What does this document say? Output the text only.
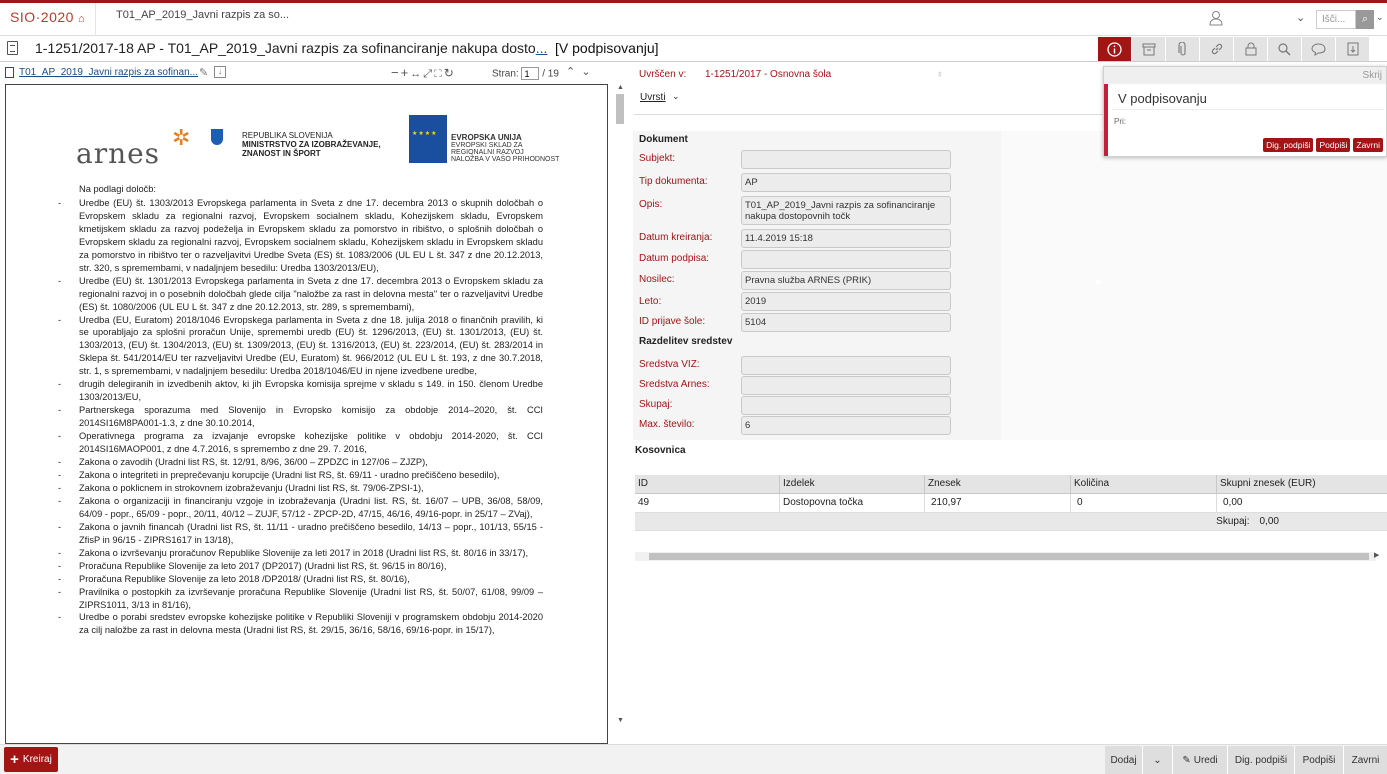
SIO·2020 ⌂	T01_AP_2019_Javni razpis za so...	⌄	Išči...	⌕ ⌄
1-1251/2017-18 AP - T01_AP_2019_Javni razpis za sofinanciranje nakupa dosto... [V podpisovanju]
T01_AP_2019_Javni razpis za sofinan... ✎	↓	−+↔⤢⛶↻	Stran: 1 / 19 ⌃ ⌄
arnes ✲	REPUBLIKA SLOVENIJA
MINISTRSTVO ZA IZOBRAŽEVANJE,
ZNANOST IN ŠPORT
★★★★
EVROPSKA UNIJA
EVROPSKI SKLAD ZA
REGIONALNI RAZVOJ
NALOŽBA V VAŠO PRIHODNOST
Na podlagi določb:
- Uredbe (EU) št. 1303/2013 Evropskega parlamenta in Sveta z dne 17. decembra 2013 o skupnih določbah o Evropskem skladu za regionalni razvoj, Evropskem socialnem skladu, Kohezijskem skladu, Evropskem kmetijskem skladu za razvoj podeželja in Evropskem skladu za pomorstvo in ribištvo, o splošnih določbah o Evropskem skladu za regionalni razvoj, Evropskem socialnem skladu, Kohezijskem skladu in Evropskem skladu za pomorstvo in ribištvo ter o razveljavitvi Uredbe Sveta (ES) št. 1083/2006 (UL EU L št. 347 z dne 20.12.2013, str. 320, s spremembami, v nadaljnjem besedilu: Uredba 1303/2013/EU),
- Uredbe (EU) št. 1301/2013 Evropskega parlamenta in Sveta z dne 17. decembra 2013 o Evropskem skladu za regionalni razvoj in o posebnih določbah glede cilja "naložbe za rast in delovna mesta" ter o razveljavitvi Uredbe (ES) št. 1080/2006 (UL EU L št. 347 z dne 20.12.2013, str. 289, s spremembami),
- Uredba (EU, Euratom) 2018/1046 Evropskega parlamenta in Sveta z dne 18. julija 2018 o finančnih pravilih, ki se uporabljajo za splošni proračun Unije, spremembi uredb (EU) št. 1296/2013, (EU) št. 1301/2013, (EU) št. 1303/2013, (EU) št. 1304/2013, (EU) št. 1309/2013, (EU) št. 1316/2013, (EU) št. 223/2014, (EU) št. 283/2014 in Sklepa št. 541/2014/EU ter razveljavitvi Uredbe (EU, Euratom) št. 966/2012 (UL EU L št. 193, z dne 30.7.2018, str. 1, s spremembami, v nadaljnjem besedilu: Uredba 2018/1046/EU in njene izvedbene uredbe,
- drugih delegiranih in izvedbenih aktov, ki jih Evropska komisija sprejme v skladu s 149. in 150. členom Uredbe 1303/2013/EU,
- Partnerskega sporazuma med Slovenijo in Evropsko komisijo za obdobje 2014–2020, št. CCI 2014SI16M8PA001-1.3, z dne 30.10.2014,
- Operativnega programa za izvajanje evropske kohezijske politike v obdobju 2014-2020, št. CCI 2014SI16MAOP001, z dne 4.7.2016, s spremembo z dne 29. 7. 2016,
- Zakona o zavodih (Uradni list RS, št. 12/91, 8/96, 36/00 – ZPDZC in 127/06 – ZJZP),
- Zakona o integriteti in preprečevanju korupcije (Uradni list RS, št. 69/11 - uradno prečiščeno besedilo),
- Zakona o poklicnem in strokovnem izobraževanju (Uradni list RS, št. 79/06-ZPSI-1),
- Zakona o organizaciji in financiranju vzgoje in izobraževanja (Uradni list. RS, št. 16/07 – UPB, 36/08, 58/09, 64/09 - popr., 65/09 - popr., 20/11, 40/12 – ZUJF, 57/12 - ZPCP-2D, 47/15, 46/16, 49/16-popr. in 25/17 – ZVaj),
- Zakona o javnih financah (Uradni list RS, št. 11/11 - uradno prečiščeno besedilo, 14/13 – popr., 101/13, 55/15 - ZfisP in 96/15 - ZIPRS1617 in 13/18),
- Zakona o izvrševanju proračunov Republike Slovenije za leti 2017 in 2018 (Uradni list RS, št. 80/16 in 33/17),
- Proračuna Republike Slovenije za leto 2017 (DP2017) (Uradni list RS, št. 96/15 in 80/16),
- Proračuna Republike Slovenije za leto 2018 /DP2018/ (Uradni list RS, št. 80/16),
- Pravilnika o postopkih za izvrševanje proračuna Republike Slovenije (Uradni list RS, št. 50/07, 61/08, 99/09 – ZIPRS1011, 3/13 in 81/16),
- Uredbe o porabi sredstev evropske kohezijske politike v Republiki Sloveniji v programskem obdobju 2014-2020 za cilj naložbe za rast in delovna mesta (Uradni list RS, št. 29/15, 36/16, 58/16, 69/16-popr. in 15/17),
▲
▼
Uvrščen v: 1-1251/2017 - Osnovna šola	♁
Uvrsti ⌄
Dokument
Subjekt:
Tip dokumenta:	AP
Opis:	T01_AP_2019_Javni razpis za sofinanciranje nakupa dostopovnih točk
Datum kreiranja:	11.4.2019 15:18
Datum podpisa:
Nosilec:	Pravna služba ARNES (PRIK)
Leto:	2019
ID prijave šole:	5104
Razdelitev sredstev
Sredstva VIZ:
Sredstva Arnes:
Skupaj:
Max. število:	6
Kosovnica
ID	Izdelek	Znesek	Količina	Skupni znesek (EUR)
49	Dostopovna točka	210,97	0	0,00
Skupaj: 0,00
▶
Skrij
V podpisovanju
Pri:
Dig. podpiši	Podpiši	Zavrni
+ Kreiraj	Dodaj	⌄ ✎ Uredi	Dig. podpiši	Podpiši	Zavrni
